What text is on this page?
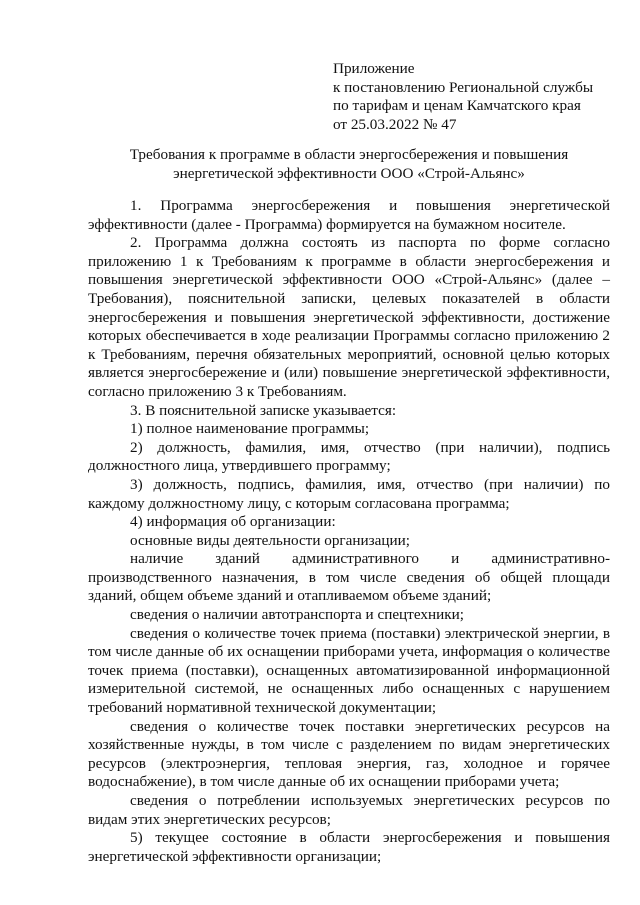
Приложение
к постановлению Региональной службы
по тарифам и ценам Камчатского края
от 25.03.2022 № 47
Требования к программе в области энергосбережения и повышения
энергетической эффективности ООО «Строй-Альянс»

1. Программа энергосбережения и повышения энергетической эффективности (далее - Программа) формируется на бумажном носителе.

2. Программа должна состоять из паспорта по форме согласно приложению 1 к Требованиям к программе в области энергосбережения и повышения энергетической эффективности ООО «Строй-Альянс» (далее – Требования), пояснительной записки, целевых показателей в области энергосбережения и повышения энергетической эффективности, достижение которых обеспечивается в ходе реализации Программы согласно приложению 2 к Требованиям, перечня обязательных мероприятий, основной целью которых является энергосбережение и (или) повышение энергетической эффективности, согласно приложению 3 к Требованиям.

3. В пояснительной записке указывается:

1) полное наименование программы;

2) должность, фамилия, имя, отчество (при наличии), подпись должностного лица, утвердившего программу;

3) должность, подпись, фамилия, имя, отчество (при наличии) по каждому должностному лицу, с которым согласована программа;

4) информация об организации:

основные виды деятельности организации;

наличие зданий административного и административно-производственного назначения, в том числе сведения об общей площади зданий, общем объеме зданий и отапливаемом объеме зданий;

сведения о наличии автотранспорта и спецтехники;

сведения о количестве точек приема (поставки) электрической энергии, в том числе данные об их оснащении приборами учета, информация о количестве точек приема (поставки), оснащенных автоматизированной информационной измерительной системой, не оснащенных либо оснащенных с нарушением требований нормативной технической документации;

сведения о количестве точек поставки энергетических ресурсов на хозяйственные нужды, в том числе с разделением по видам энергетических ресурсов (электроэнергия, тепловая энергия, газ, холодное и горячее водоснабжение), в том числе данные об их оснащении приборами учета;

сведения о потреблении используемых энергетических ресурсов по видам этих энергетических ресурсов;

5) текущее состояние в области энергосбережения и повышения энергетической эффективности организации;
